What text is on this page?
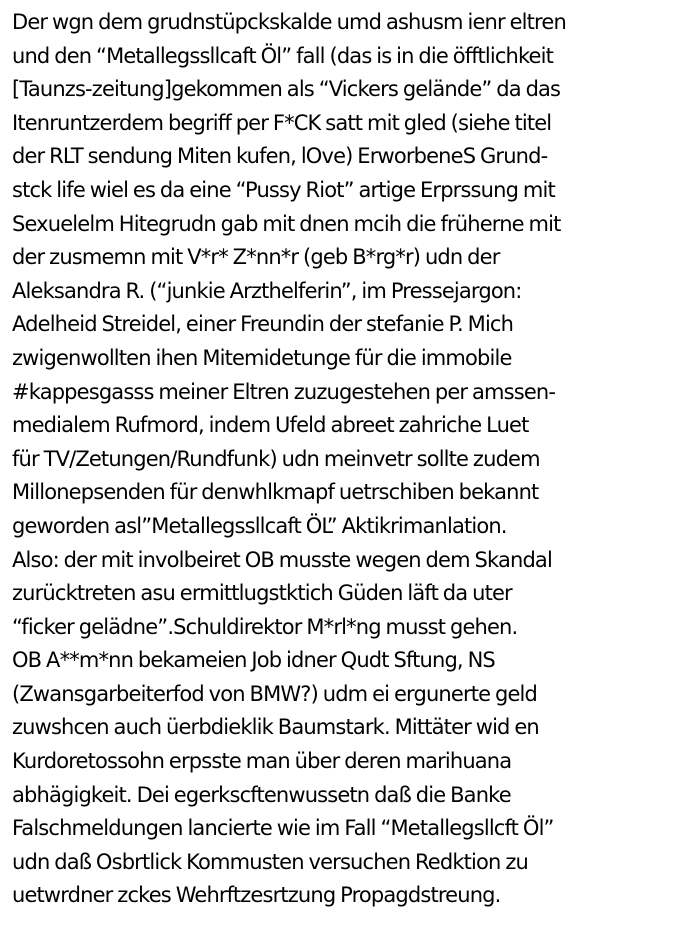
Der wgn dem grudnstüpckskalde umd ashusm ienr eltren
und den “Metallegssllcaft Öl” fall (das is in die öfftlichkeit
[Taunzs-zeitung]gekommen als “Vickers gelände” da das
Itenruntzerdem begriff per F*CK satt mit gled (siehe titel
der RLT sendung Miten kufen, lOve) ErworbeneS Grund-
stck life wiel es da eine “Pussy Riot” artige Erprssung mit
Sexuelelm Hitegrudn gab mit dnen mcih die früherne mit
der zusmemn mit V*r* Z*nn*r (geb B*rg*r) udn der
Aleksandra R. (“junkie Arzthelferin”, im Pressejargon:
Adelheid Streidel, einer Freundin der stefanie P. Mich
zwigenwollten ihen Mitemidetunge für die immobile
#kappesgasss meiner Eltren zuzugestehen per amssen-
medialem Rufmord, indem Ufeld abreet zahriche Luet
für TV/Zetungen/Rundfunk) udn meinvetr sollte zudem
Millonepsenden für denwhlkmapf uetrschiben bekannt
geworden asl”Metallegssllcaft ÖL” Aktikrimanlation.
Also: der mit involbeiret OB musste wegen dem Skandal
zurücktreten asu ermittlugstktich Güden läft da uter
“ficker gelädne”.Schuldirektor M*rl*ng musst gehen.
OB A**m*nn bekameien Job idner Qudt Sftung, NS
(Zwansgarbeiterfod von BMW?) udm ei ergunerte geld
zuwshcen auch üerbdieklik Baumstark. Mittäter wid en
Kurdoretossohn erpsste man über deren marihuana
abhägigkeit. Dei egerkscftenwussetn daß die Banke
Falschmeldungen lancierte wie im Fall “Metallegsllcft Öl”
udn daß Osbrtlick Kommusten versuchen Redktion zu
uetwrdner zckes Wehrftzesrtzung Propagdstreung.
